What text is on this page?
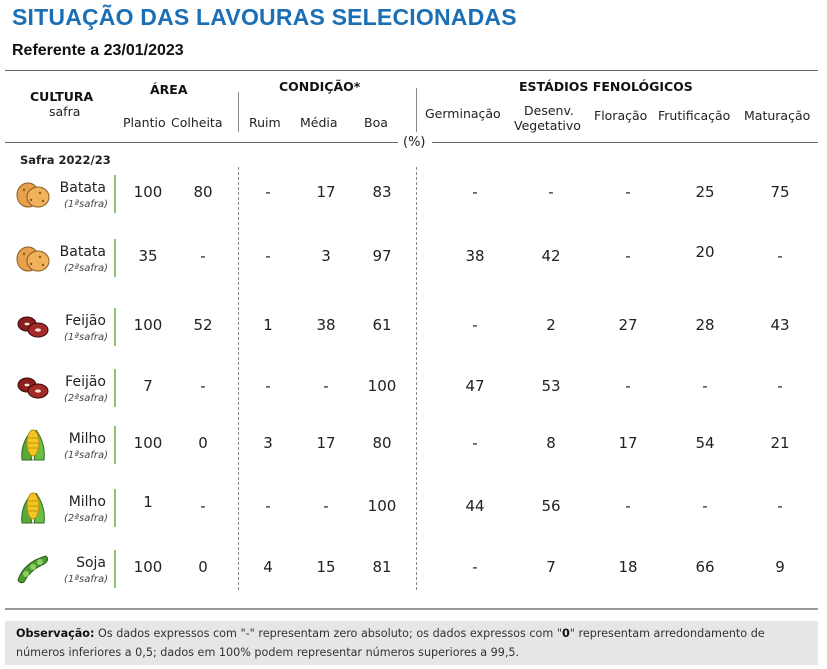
SITUAÇÃO DAS LAVOURAS SELECIONADAS
Referente a 23/01/2023
CULTURA
safra
ÁREA
Plantio Colheita
CONDIÇÃO*
Ruim Média Boa
ESTÁDIOS FENOLÓGICOS
Germinação Desenv.
Vegetativo
Floração Frutificação Maturação
(%)
Safra 2022/23
Batata
(1ªsafra)
100	80	-	17	83	-	-	-	25	75
Batata
(2ªsafra)
35	-	-	3	97	38	42	-	20	-
Feijão
(1ªsafra)
100	52	1	38	61	-	2	27	28	43
Feijão
(2ªsafra)
7	-	-	-	100	47	53	-	-	-
Milho
(1ªsafra)
100	0	3	17	80	-	8	17	54	21
Milho
(2ªsafra)
1	-	-	-	100	44	56	-	-	-
Soja
(1ªsafra)
100	0	4	15	81	-	7	18	66	9
Observação: Os dados expressos com "-" representam zero absoluto; os dados expressos com "0" representam arredondamento de números inferiores a 0,5; dados em 100% podem representar números superiores a 99,5.
